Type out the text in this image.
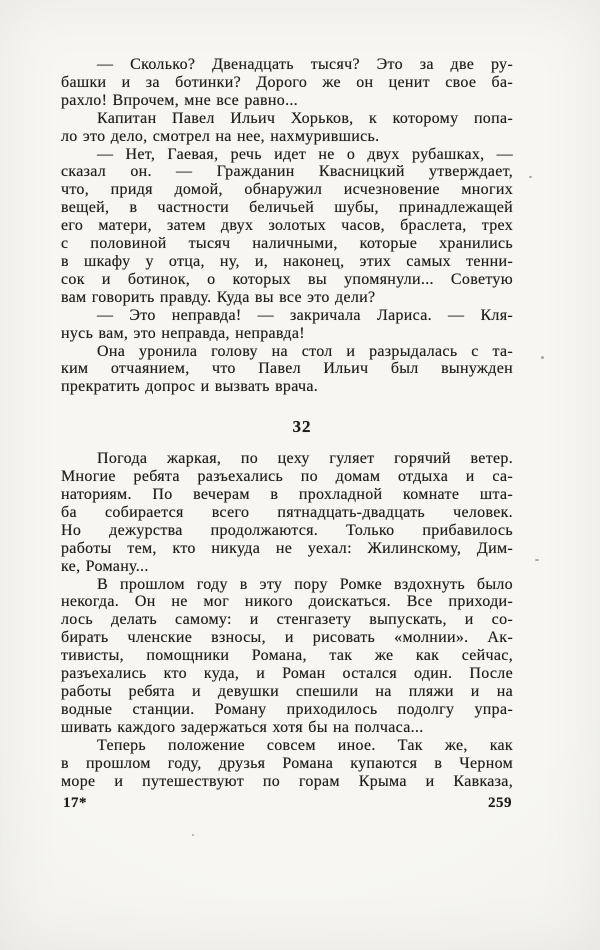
— Сколько? Двенадцать тысяч? Это за две ру-
башки и за ботинки? Дорого же он ценит свое ба-
рахло! Впрочем, мне все равно...

Капитан Павел Ильич Хорьков, к которому попа-
ло это дело, смотрел на нее, нахмурившись.

— Нет, Гаевая, речь идет не о двух рубашках, —
сказал он. — Гражданин Квасницкий утверждает,
что, придя домой, обнаружил исчезновение многих
вещей, в частности беличьей шубы, принадлежащей
его матери, затем двух золотых часов, браслета, трех
с половиной тысяч наличными, которые хранились
в шкафу у отца, ну, и, наконец, этих самых тенни-
сок и ботинок, о которых вы упомянули... Советую
вам говорить правду. Куда вы все это дели?

— Это неправда! — закричала Лариса. — Кля-
нусь вам, это неправда, неправда!

Она уронила голову на стол и разрыдалась с та-
ким отчаянием, что Павел Ильич был вынужден
прекратить допрос и вызвать врача.

32

Погода жаркая, по цеху гуляет горячий ветер.
Многие ребята разъехались по домам отдыха и са-
наториям. По вечерам в прохладной комнате шта-
ба собирается всего пятнадцать-двадцать человек.
Но дежурства продолжаются. Только прибавилось
работы тем, кто никуда не уехал: Жилинскому, Дим-
ке, Роману...

В прошлом году в эту пору Ромке вздохнуть было
некогда. Он не мог никого доискаться. Все приходи-
лось делать самому: и стенгазету выпускать, и со-
бирать членские взносы, и рисовать «молнии». Ак-
тивисты, помощники Романа, так же как сейчас,
разъехались кто куда, и Роман остался один. После
работы ребята и девушки спешили на пляжи и на
водные станции. Роману приходилось подолгу упра-
шивать каждого задержаться хотя бы на полчаса...

Теперь положение совсем иное. Так же, как
в прошлом году, друзья Романа купаются в Черном
море и путешествуют по горам Крыма и Кавказа,

17*	259
